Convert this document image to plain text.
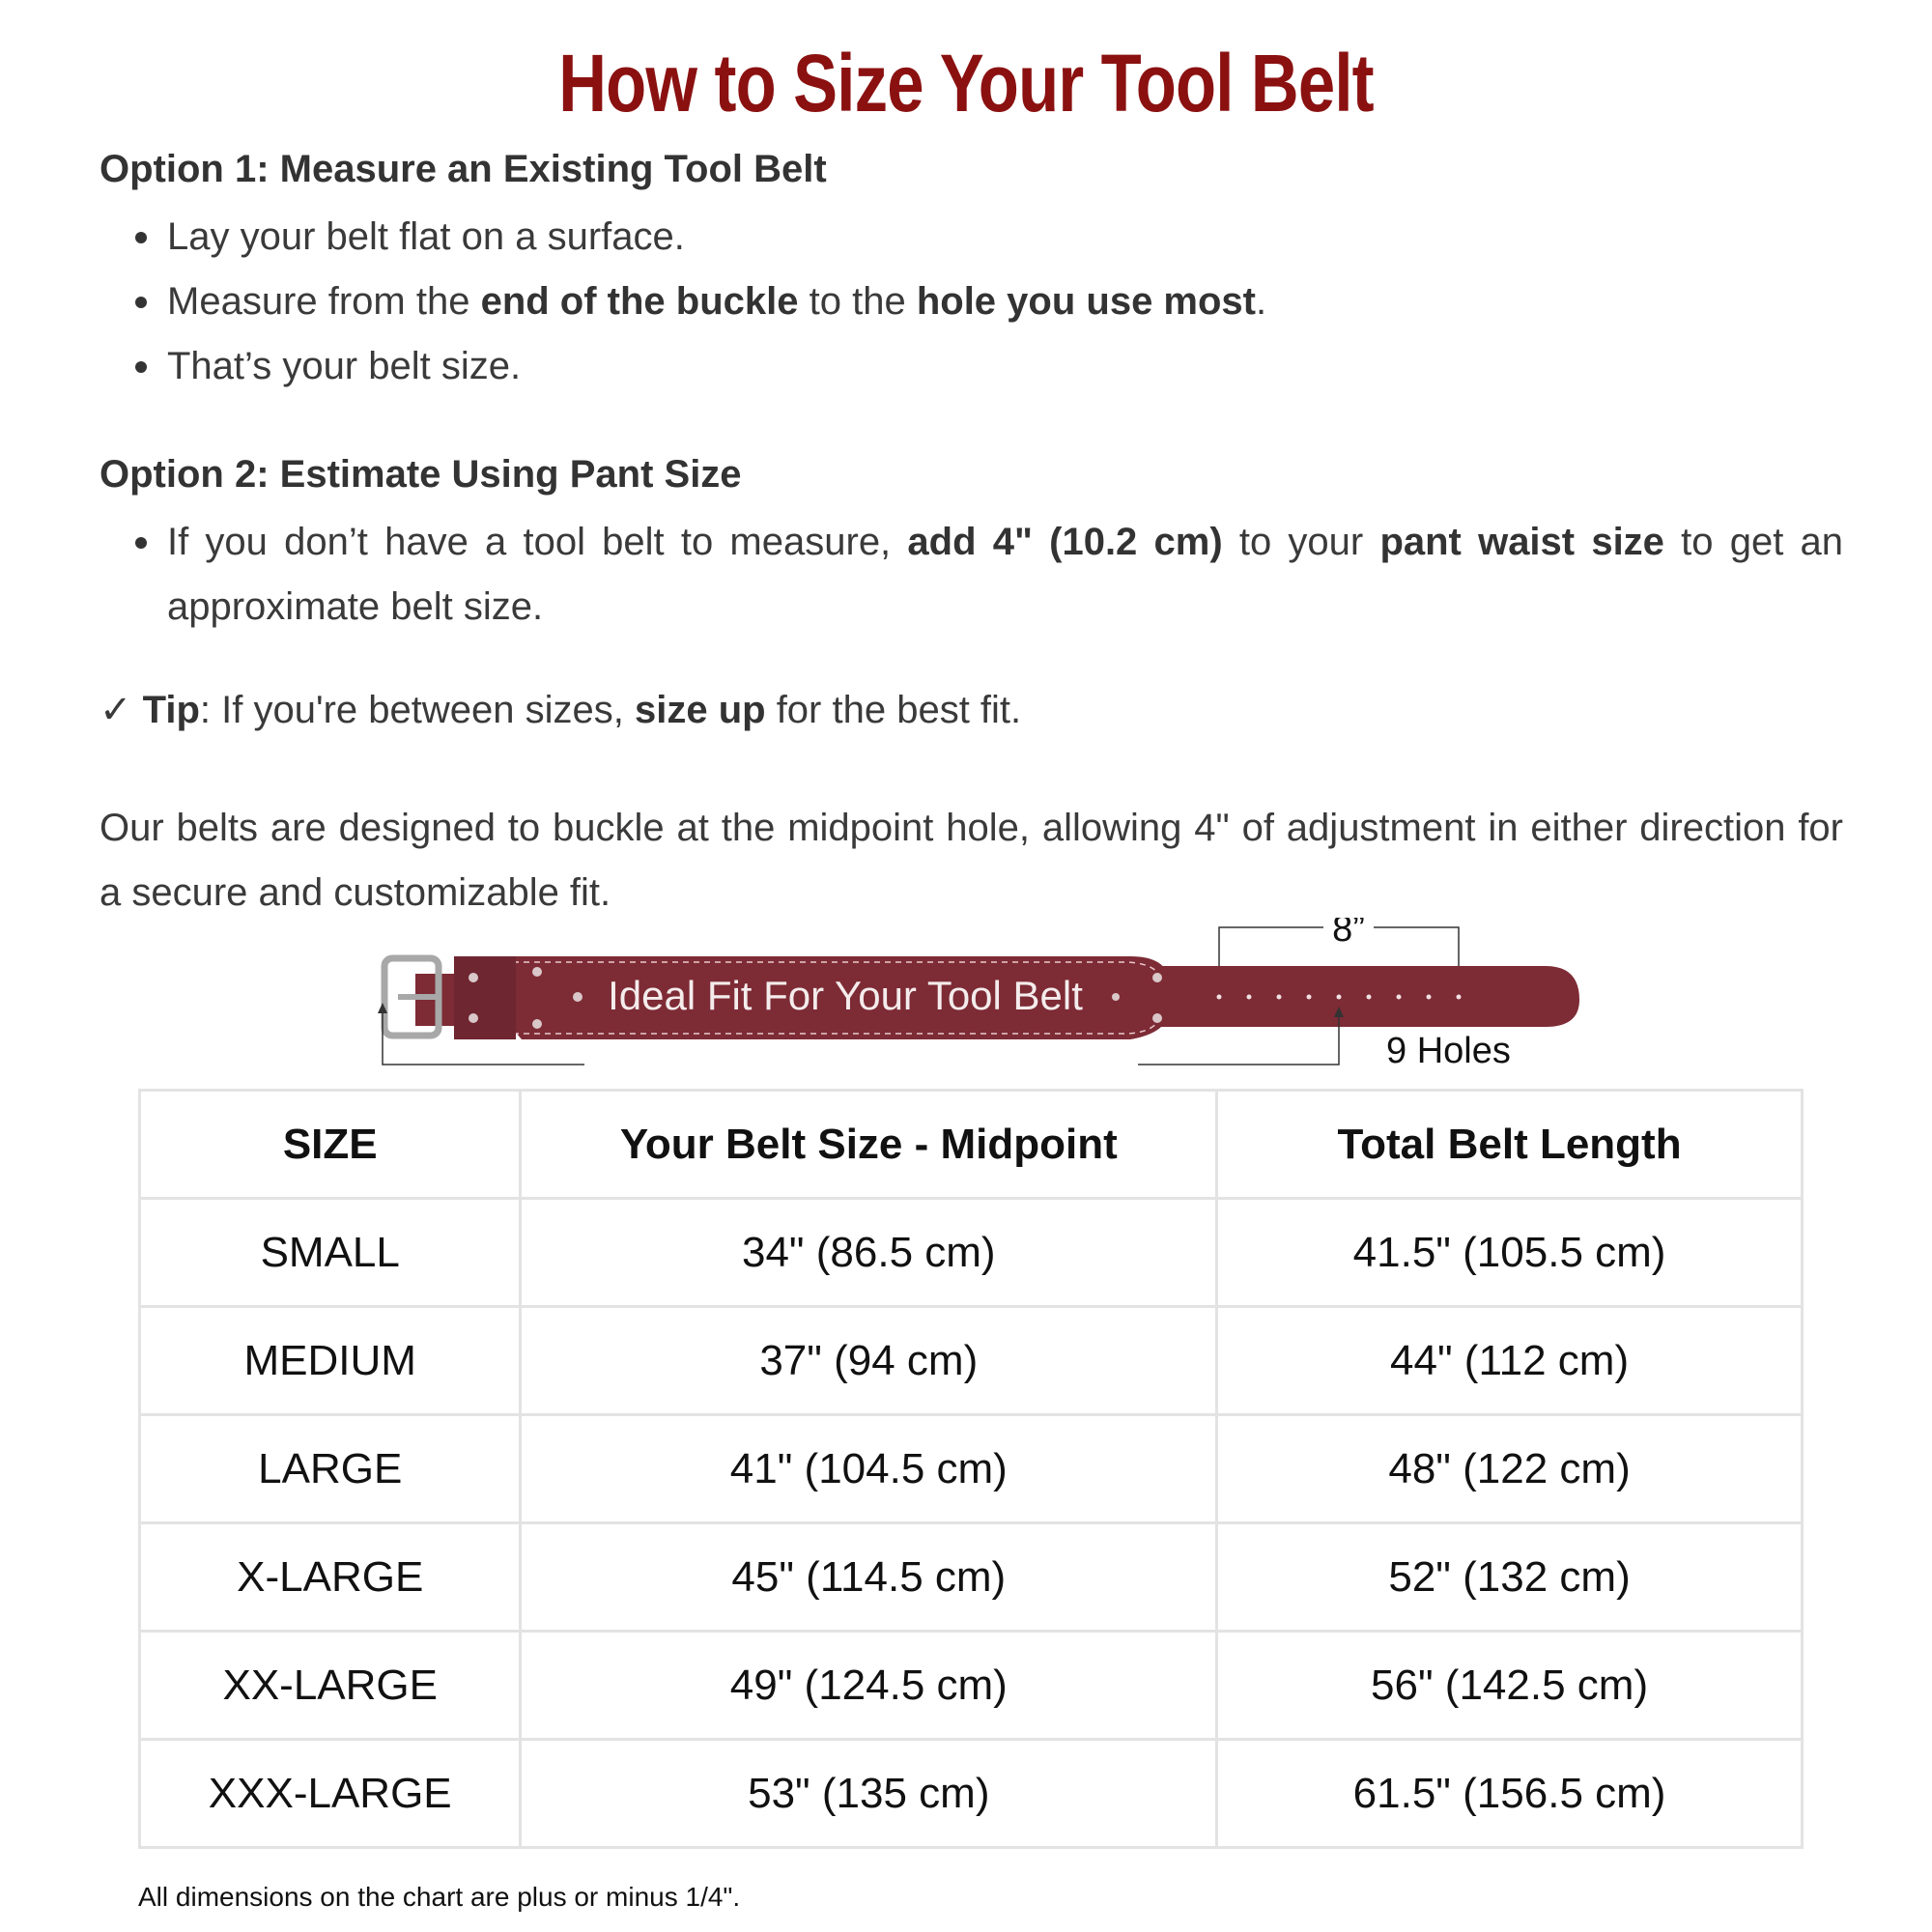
How to Size Your Tool Belt
Option 1: Measure an Existing Tool Belt
Lay your belt flat on a surface.
Measure from the end of the buckle to the hole you use most.
That’s your belt size.
Option 2: Estimate Using Pant Size
If you don’t have a tool belt to measure, add 4" (10.2 cm) to your pant waist size to get an approximate belt size.
✓ Tip: If you're between sizes, size up for the best fit.
Our belts are designed to buckle at the midpoint hole, allowing 4" of adjustment in either direction for a secure and customizable fit.
8”
Ideal Fit For Your Tool Belt
9 Holes
SIZE	Your Belt Size - Midpoint	Total Belt Length
SMALL	34" (86.5 cm)	41.5" (105.5 cm)
MEDIUM	37" (94 cm)	44" (112 cm)
LARGE	41" (104.5 cm)	48" (122 cm)
X-LARGE	45" (114.5 cm)	52" (132 cm)
XX-LARGE	49" (124.5 cm)	56" (142.5 cm)
XXX-LARGE	53" (135 cm)	61.5" (156.5 cm)
All dimensions on the chart are plus or minus 1/4".
